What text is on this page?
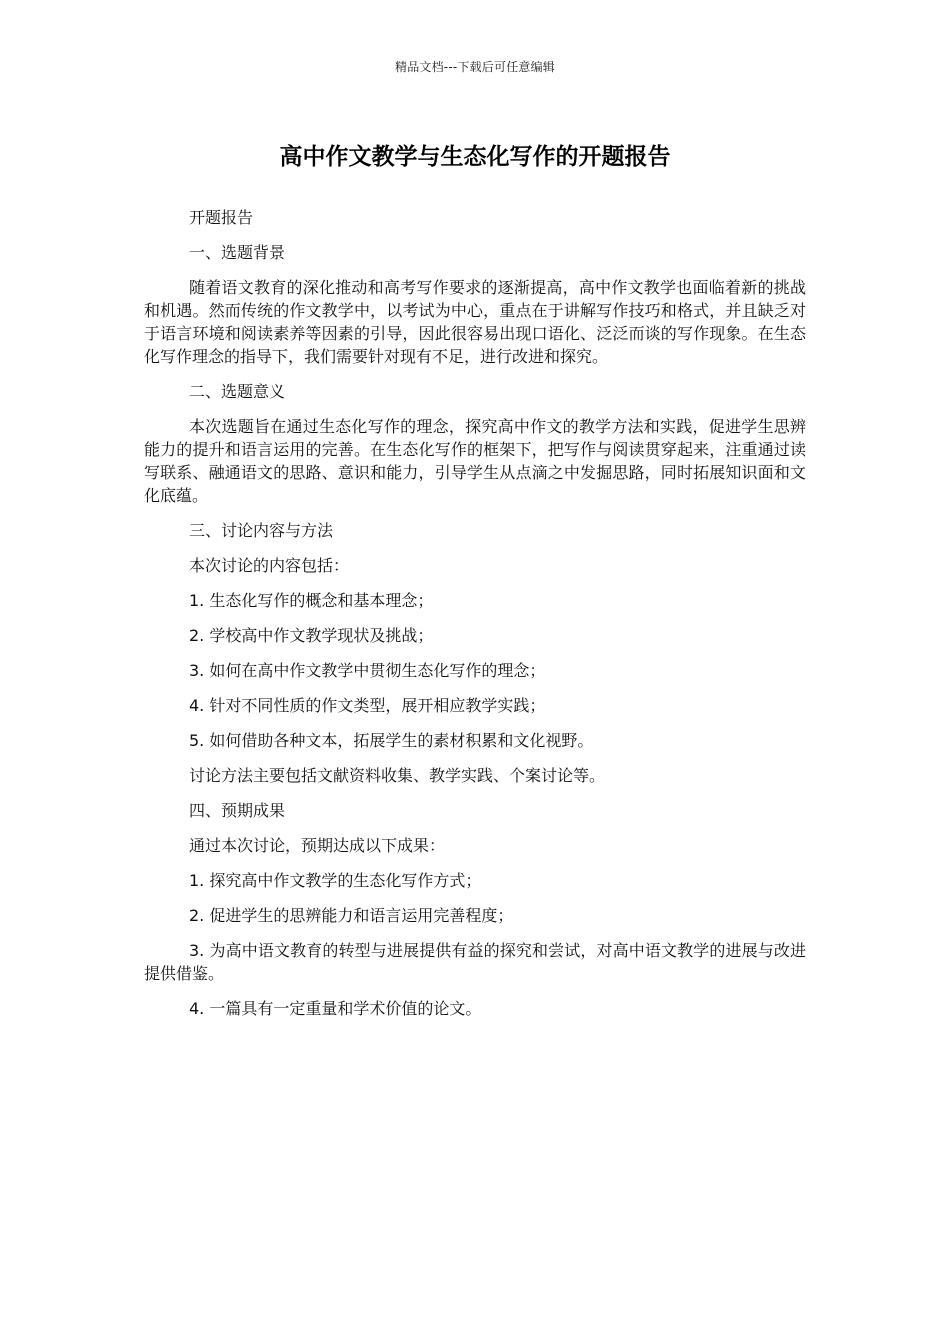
精品文档---下载后可任意编辑
高中作文教学与生态化写作的开题报告

开题报告

一、选题背景

随着语文教育的深化推动和高考写作要求的逐渐提高，高中作文教学也面临着新的挑战和机遇。然而传统的作文教学中，以考试为中心，重点在于讲解写作技巧和格式，并且缺乏对于语言环境和阅读素养等因素的引导，因此很容易出现口语化、泛泛而谈的写作现象。在生态化写作理念的指导下，我们需要针对现有不足，进行改进和探究。

二、选题意义

本次选题旨在通过生态化写作的理念，探究高中作文的教学方法和实践，促进学生思辨能力的提升和语言运用的完善。在生态化写作的框架下，把写作与阅读贯穿起来，注重通过读写联系、融通语文的思路、意识和能力，引导学生从点滴之中发掘思路，同时拓展知识面和文化底蕴。

三、讨论内容与方法

本次讨论的内容包括：

1. 生态化写作的概念和基本理念；

2. 学校高中作文教学现状及挑战；

3. 如何在高中作文教学中贯彻生态化写作的理念；

4. 针对不同性质的作文类型，展开相应教学实践；

5. 如何借助各种文本，拓展学生的素材积累和文化视野。

讨论方法主要包括文献资料收集、教学实践、个案讨论等。

四、预期成果

通过本次讨论，预期达成以下成果：

1. 探究高中作文教学的生态化写作方式；

2. 促进学生的思辨能力和语言运用完善程度；

3. 为高中语文教育的转型与进展提供有益的探究和尝试，对高中语文教学的进展与改进提供借鉴。

4. 一篇具有一定重量和学术价值的论文。
